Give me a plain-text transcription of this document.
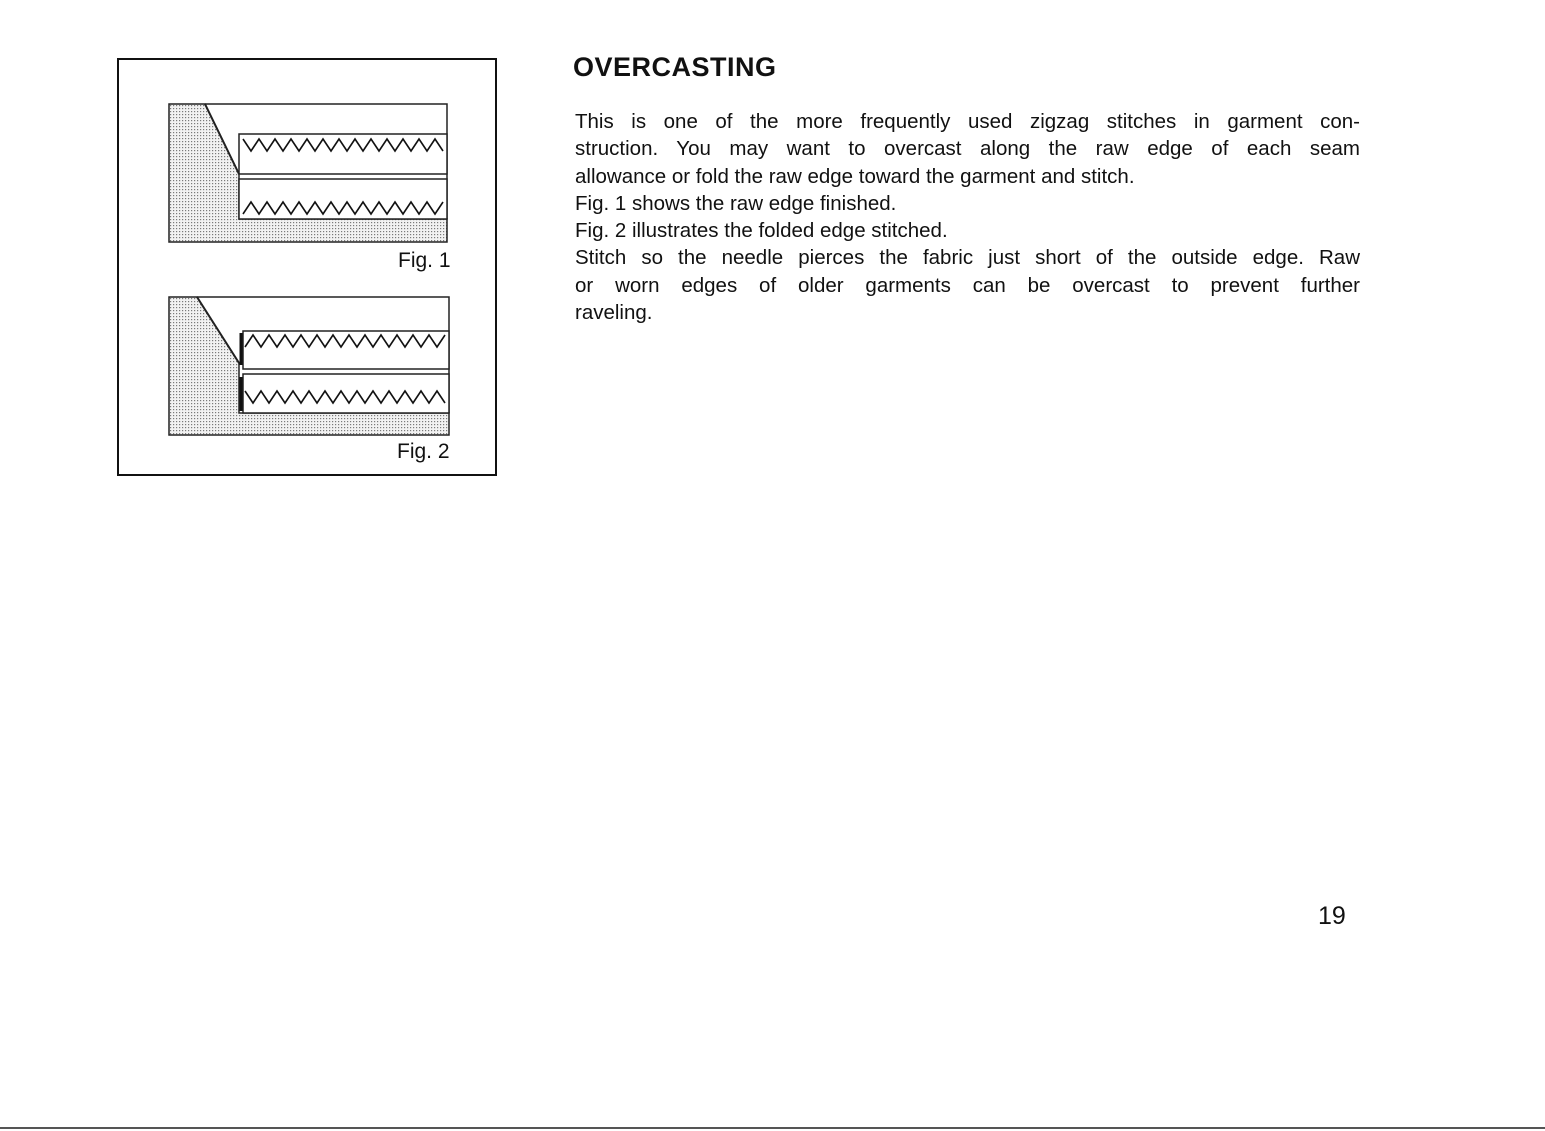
Fig. 1
Fig. 2
OVERCASTING
This is one of the more frequently used zigzag stitches in garment con-
struction. You may want to overcast along the raw edge of each seam
allowance or fold the raw edge toward the garment and stitch.
Fig. 1 shows the raw edge finished.
Fig. 2 illustrates the folded edge stitched.
Stitch so the needle pierces the fabric just short of the outside edge. Raw
or worn edges of older garments can be overcast to prevent further
raveling.
19
